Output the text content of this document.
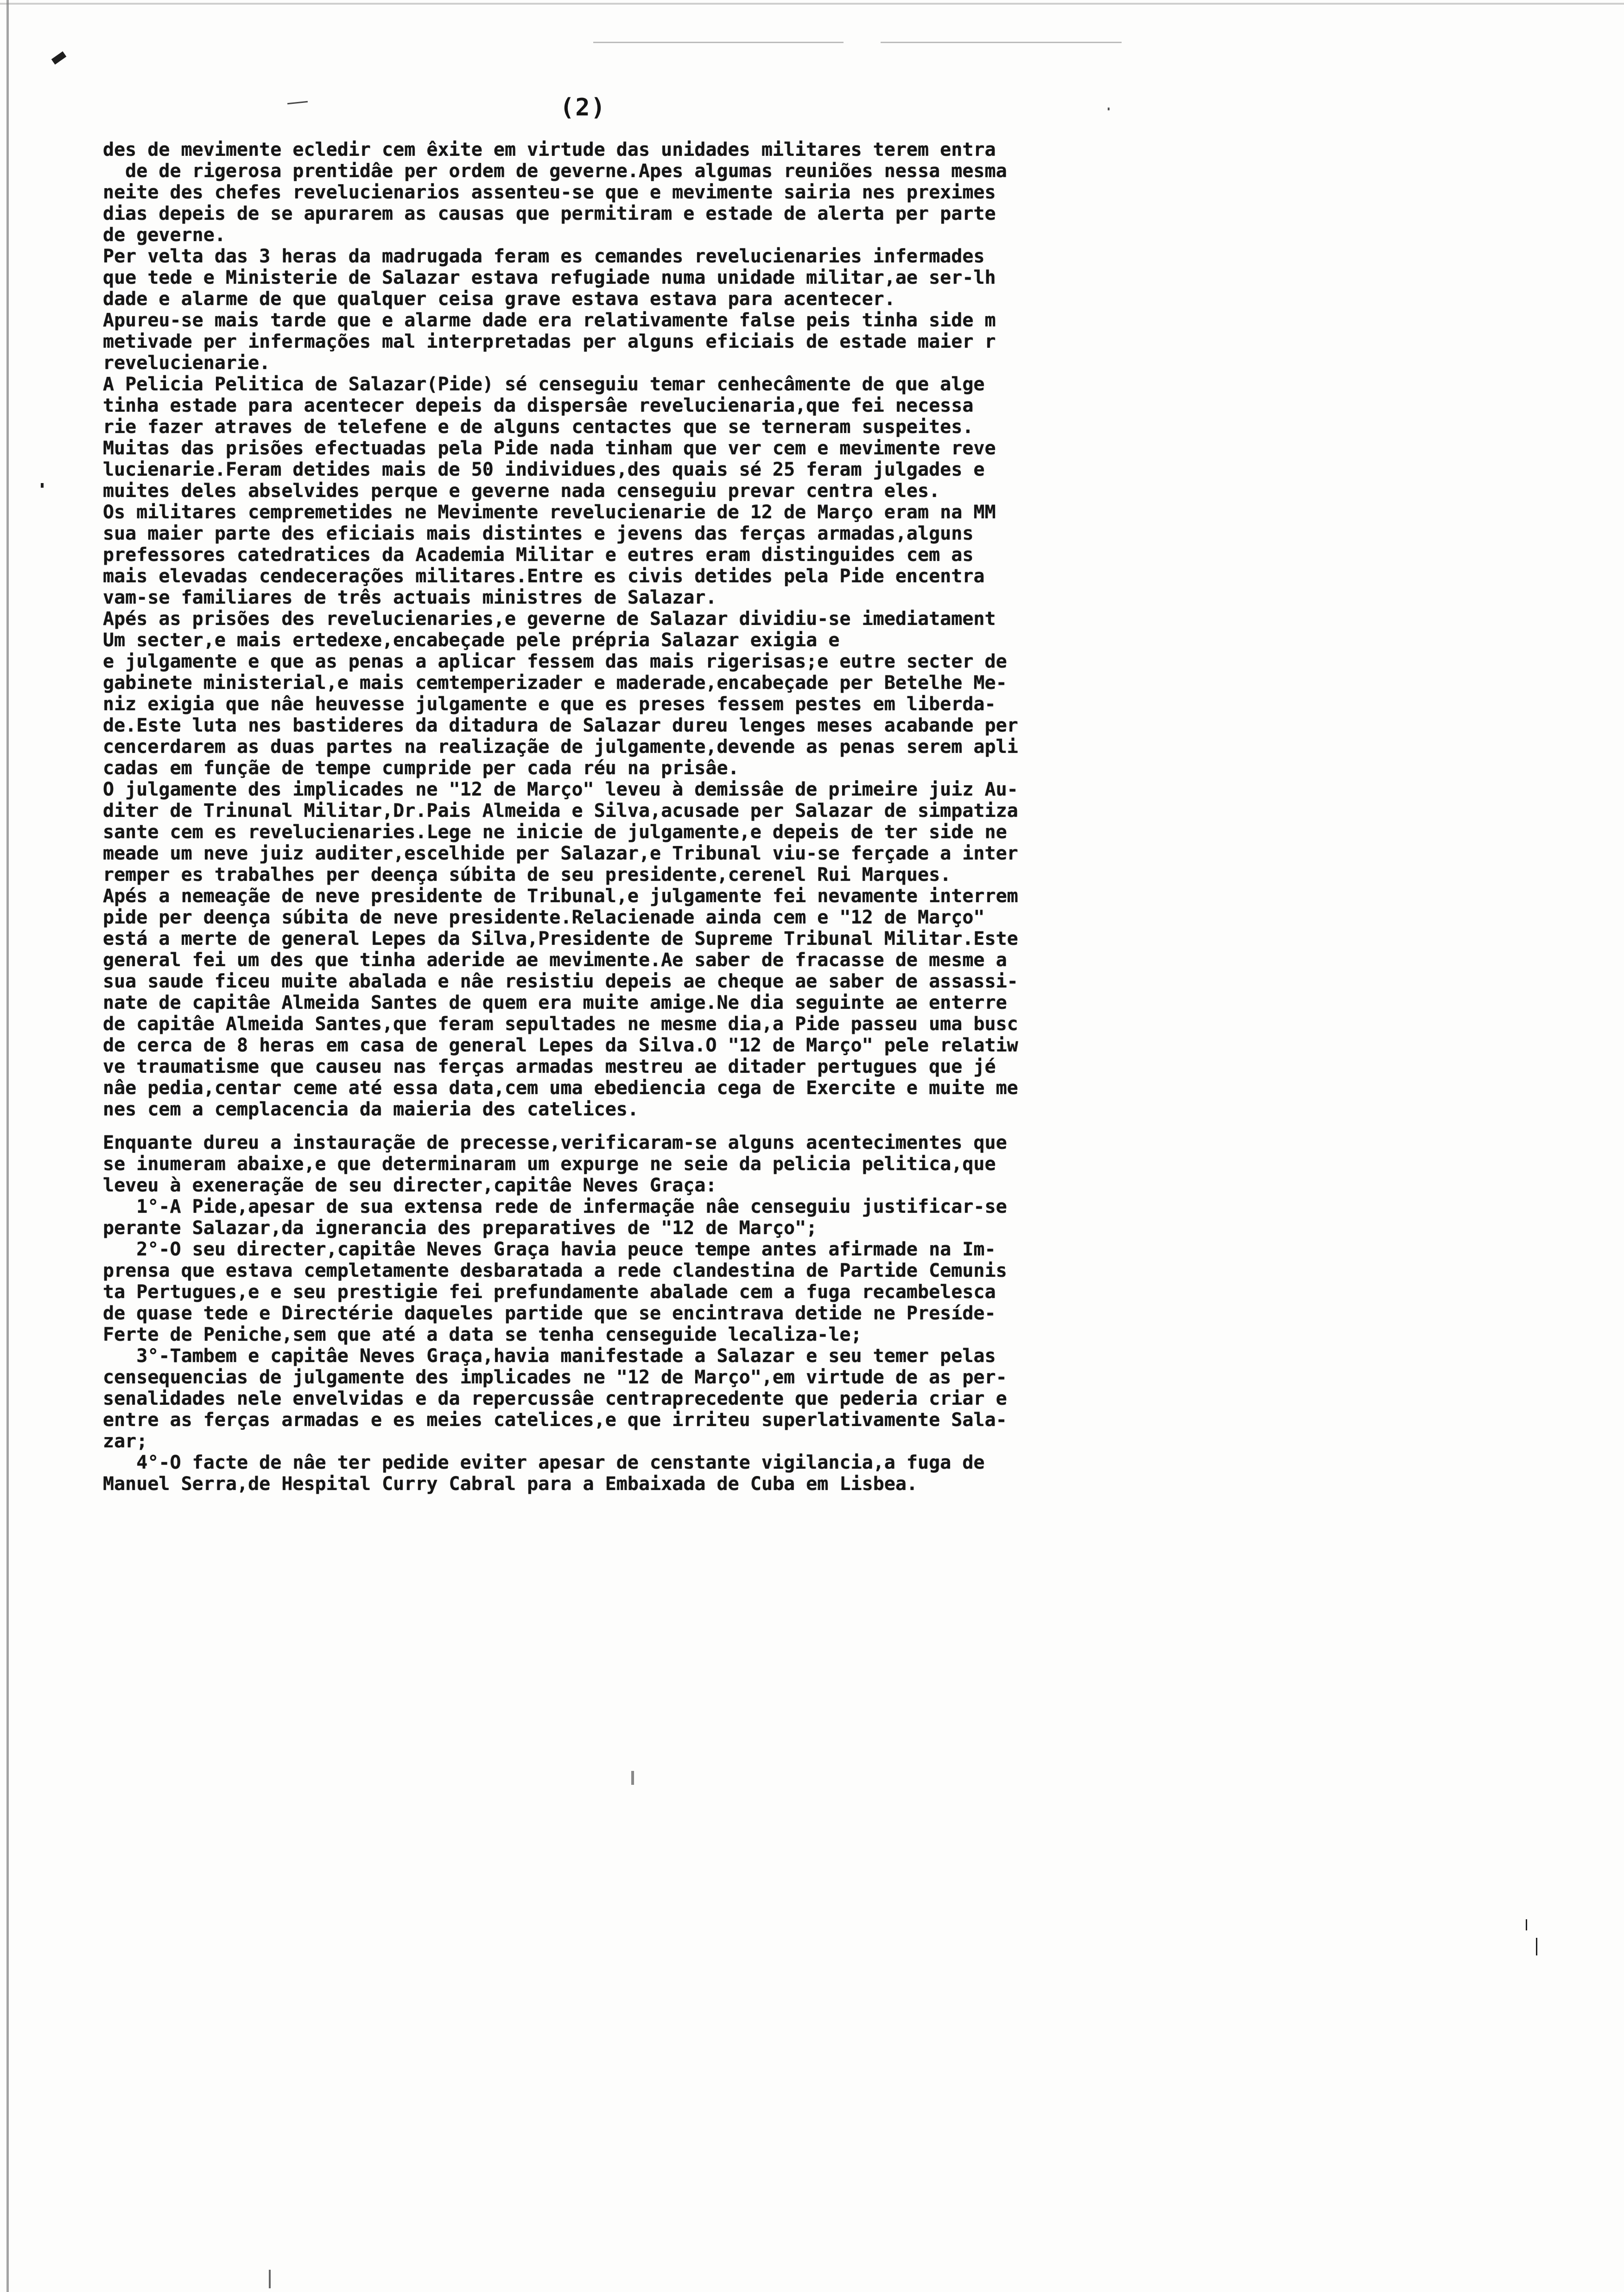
(2)
des de mevimente ecledir cem êxite em virtude das unidades militares terem entra
de de rigerosa prentidâe per ordem de geverne.Apes algumas reuniões nessa mesma
neite des chefes revelucienarios assenteu-se que e mevimente sairia nes preximes
dias depeis de se apurarem as causas que permitiram e estade de alerta per parte
de geverne.
Per velta das 3 heras da madrugada feram es cemandes revelucienaries infermades
que tede e Ministerie de Salazar estava refugiade numa unidade militar,ae ser-lh
dade e alarme de que qualquer ceisa grave estava estava para acentecer.
Apureu-se mais tarde que e alarme dade era relativamente false peis tinha side m
metivade per infermações mal interpretadas per alguns eficiais de estade maier r
revelucienarie.
A Pelicia Pelitica de Salazar(Pide) sé censeguiu temar cenhecâmente de que alge
tinha estade para acentecer depeis da dispersâe revelucienaria,que fei necessa
rie fazer atraves de telefene e de alguns centactes que se terneram suspeites.
Muitas das prisões efectuadas pela Pide nada tinham que ver cem e mevimente reve
lucienarie.Feram detides mais de 50 individues,des quais sé 25 feram julgades e
muites deles abselvides perque e geverne nada censeguiu prevar centra eles.
Os militares cempremetides ne Mevimente revelucienarie de 12 de Março eram na MM
sua maier parte des eficiais mais distintes e jevens das ferças armadas,alguns
prefessores catedratices da Academia Militar e eutres eram distinguides cem as
mais elevadas cendecerações militares.Entre es civis detides pela Pide encentra
vam-se familiares de três actuais ministres de Salazar.
Apés as prisões des revelucienaries,e geverne de Salazar dividiu-se imediatament
Um secter,e mais ertedexe,encabeçade pele prépria Salazar exigia e
e julgamente e que as penas a aplicar fessem das mais rigerisas;e eutre secter de
gabinete ministerial,e mais cemtemperizader e maderade,encabeçade per Betelhe Me-
niz exigia que nâe heuvesse julgamente e que es preses fessem pestes em liberda-
de.Este luta nes bastideres da ditadura de Salazar dureu lenges meses acabande per
cencerdarem as duas partes na realizaçãe de julgamente,devende as penas serem apli
cadas em funçãe de tempe cumpride per cada réu na prisâe.
O julgamente des implicades ne "12 de Março" leveu à demissâe de primeire juiz Au-
diter de Trinunal Militar,Dr.Pais Almeida e Silva,acusade per Salazar de simpatiza
sante cem es revelucienaries.Lege ne inicie de julgamente,e depeis de ter side ne
meade um neve juiz auditer,escelhide per Salazar,e Tribunal viu-se ferçade a inter
remper es trabalhes per deença súbita de seu presidente,cerenel Rui Marques.
Apés a nemeaçãe de neve presidente de Tribunal,e julgamente fei nevamente interrem
pide per deença súbita de neve presidente.Relacienade ainda cem e "12 de Março"
está a merte de general Lepes da Silva,Presidente de Supreme Tribunal Militar.Este
general fei um des que tinha aderide ae mevimente.Ae saber de fracasse de mesme a
sua saude ficeu muite abalada e nâe resistiu depeis ae cheque ae saber de assassi-
nate de capitâe Almeida Santes de quem era muite amige.Ne dia seguinte ae enterre
de capitâe Almeida Santes,que feram sepultades ne mesme dia,a Pide passeu uma busc
de cerca de 8 heras em casa de general Lepes da Silva.O "12 de Março" pele relatiw
ve traumatisme que causeu nas ferças armadas mestreu ae ditader pertugues que jé
nâe pedia,centar ceme até essa data,cem uma ebediencia cega de Exercite e muite me
nes cem a cemplacencia da maieria des catelices.
Enquante dureu a instauraçãe de precesse,verificaram-se alguns acentecimentes que
se inumeram abaixe,e que determinaram um expurge ne seie da pelicia pelitica,que
leveu à exeneraçãe de seu directer,capitâe Neves Graça:
1°-A Pide,apesar de sua extensa rede de infermaçãe nâe censeguiu justificar-se
perante Salazar,da ignerancia des preparatives de "12 de Março";
2°-O seu directer,capitâe Neves Graça havia peuce tempe antes afirmade na Im-
prensa que estava cempletamente desbaratada a rede clandestina de Partide Cemunis
ta Pertugues,e e seu prestigie fei prefundamente abalade cem a fuga recambelesca
de quase tede e Directérie daqueles partide que se encintrava detide ne Presíde-
Ferte de Peniche,sem que até a data se tenha censeguide lecaliza-le;
3°-Tambem e capitâe Neves Graça,havia manifestade a Salazar e seu temer pelas
censequencias de julgamente des implicades ne "12 de Março",em virtude de as per-
senalidades nele envelvidas e da repercussâe centraprecedente que pederia criar e
entre as ferças armadas e es meies catelices,e que irriteu superlativamente Sala-
zar;
4°-O facte de nâe ter pedide eviter apesar de censtante vigilancia,a fuga de
Manuel Serra,de Hespital Curry Cabral para a Embaixada de Cuba em Lisbea.
